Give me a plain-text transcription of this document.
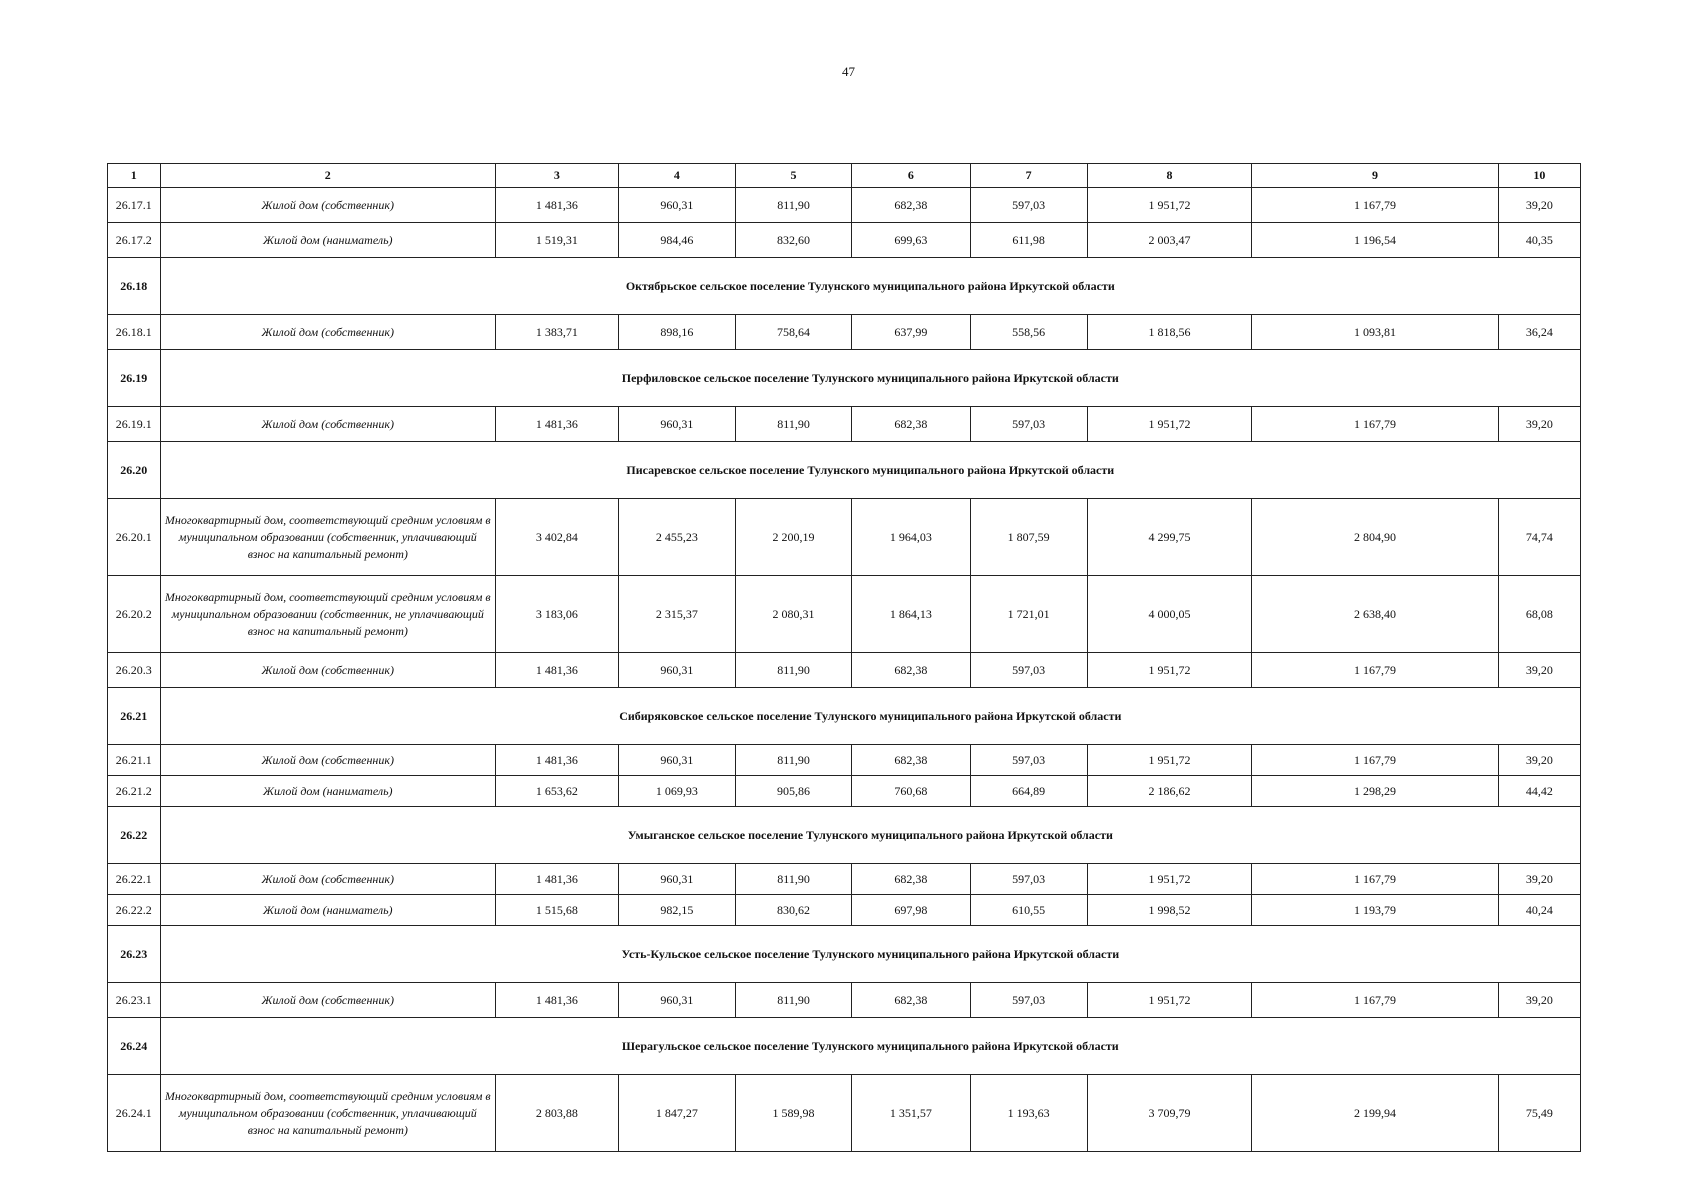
47
1	2	3	4	5	6	7	8	9	10
26.17.1	Жилой дом (собственник)	1 481,36	960,31	811,90	682,38	597,03	1 951,72	1 167,79	39,20
26.17.2	Жилой дом (наниматель)	1 519,31	984,46	832,60	699,63	611,98	2 003,47	1 196,54	40,35
26.18	Октябрьское сельское поселение Тулунского муниципального района Иркутской области								
26.18.1	Жилой дом (собственник)	1 383,71	898,16	758,64	637,99	558,56	1 818,56	1 093,81	36,24
26.19	Перфиловское сельское поселение Тулунского муниципального района Иркутской области								
26.19.1	Жилой дом (собственник)	1 481,36	960,31	811,90	682,38	597,03	1 951,72	1 167,79	39,20
26.20	Писаревское сельское поселение Тулунского муниципального района Иркутской области								
26.20.1	Многоквартирный дом, соответствующий средним условиям в муниципальном образовании (собственник, уплачивающий взнос на капитальный ремонт)	3 402,84	2 455,23	2 200,19	1 964,03	1 807,59	4 299,75	2 804,90	74,74
26.20.2	Многоквартирный дом, соответствующий средним условиям в муниципальном образовании (собственник, не уплачивающий взнос на капитальный ремонт)	3 183,06	2 315,37	2 080,31	1 864,13	1 721,01	4 000,05	2 638,40	68,08
26.20.3	Жилой дом (собственник)	1 481,36	960,31	811,90	682,38	597,03	1 951,72	1 167,79	39,20
26.21	Сибиряковское сельское поселение Тулунского муниципального района Иркутской области								
26.21.1	Жилой дом (собственник)	1 481,36	960,31	811,90	682,38	597,03	1 951,72	1 167,79	39,20
26.21.2	Жилой дом (наниматель)	1 653,62	1 069,93	905,86	760,68	664,89	2 186,62	1 298,29	44,42
26.22	Умыганское сельское поселение Тулунского муниципального района Иркутской области								
26.22.1	Жилой дом (собственник)	1 481,36	960,31	811,90	682,38	597,03	1 951,72	1 167,79	39,20
26.22.2	Жилой дом (наниматель)	1 515,68	982,15	830,62	697,98	610,55	1 998,52	1 193,79	40,24
26.23	Усть-Кульское сельское поселение Тулунского муниципального района Иркутской области								
26.23.1	Жилой дом (собственник)	1 481,36	960,31	811,90	682,38	597,03	1 951,72	1 167,79	39,20
26.24	Шерагульское сельское поселение Тулунского муниципального района Иркутской области								
26.24.1	Многоквартирный дом, соответствующий средним условиям в муниципальном образовании (собственник, уплачивающий взнос на капитальный ремонт)	2 803,88	1 847,27	1 589,98	1 351,57	1 193,63	3 709,79	2 199,94	75,49
